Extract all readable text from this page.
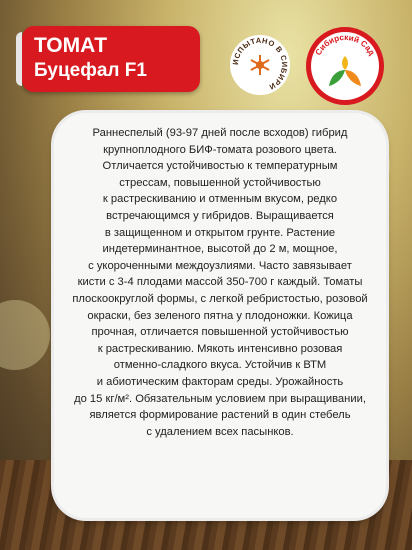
ТОМАТ
Буцефал F1	ИСПЫТАНО В СИБИРИ
Сибирский Сад

Раннеспелый (93-97 дней после всходов) гибрид
крупноплодного БИФ-томата розового цвета.
Отличается устойчивостью к температурным
стрессам, повышенной устойчивостью
к растрескиванию и отменным вкусом, редко
встречающимся у гибридов. Выращивается
в защищенном и открытом грунте. Растение
индетерминантное, высотой до 2 м, мощное,
с укороченными междоузлиями. Часто завязывает
кисти с 3-4 плодами массой 350-700 г каждый. Томаты
плоскоокруглой формы, с легкой ребристостью, розовой
окраски, без зеленого пятна у плодоножки. Кожица
прочная, отличается повышенной устойчивостью
к растрескиванию. Мякоть интенсивно розовая
отменно-сладкого вкуса. Устойчив к ВТМ
и абиотическим факторам среды. Урожайность
до 15 кг/м². Обязательным условием при выращивании,
является формирование растений в один стебель
с удалением всех пасынков.
